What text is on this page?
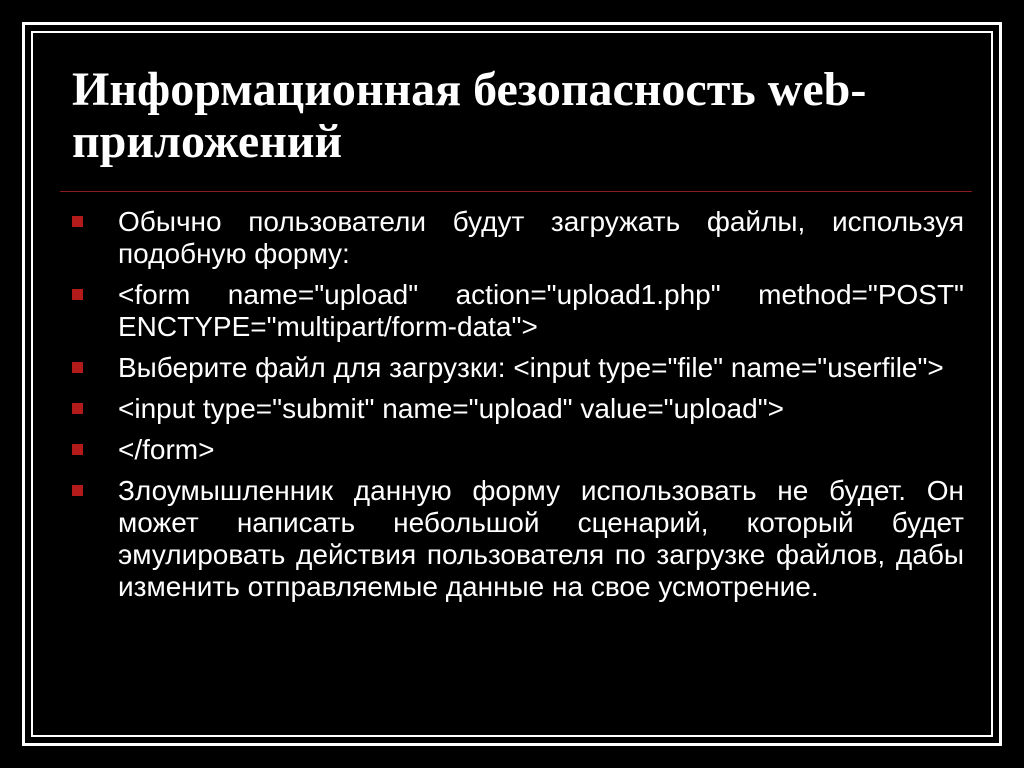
Информационная безопасность web-приложений
Обычно пользователи будут загружать файлы, используя подобную форму:
<form name="upload" action="upload1.php" method="POST" ENCTYPE="multipart/form-data">
Выберите файл для загрузки: <input type="file" name="userfile">
<input type="submit" name="upload" value="upload">
</form>
Злоумышленник данную форму использовать не будет. Он может написать небольшой сценарий, который будет эмулировать действия пользователя по загрузке файлов, дабы изменить отправляемые данные на свое усмотрение.
